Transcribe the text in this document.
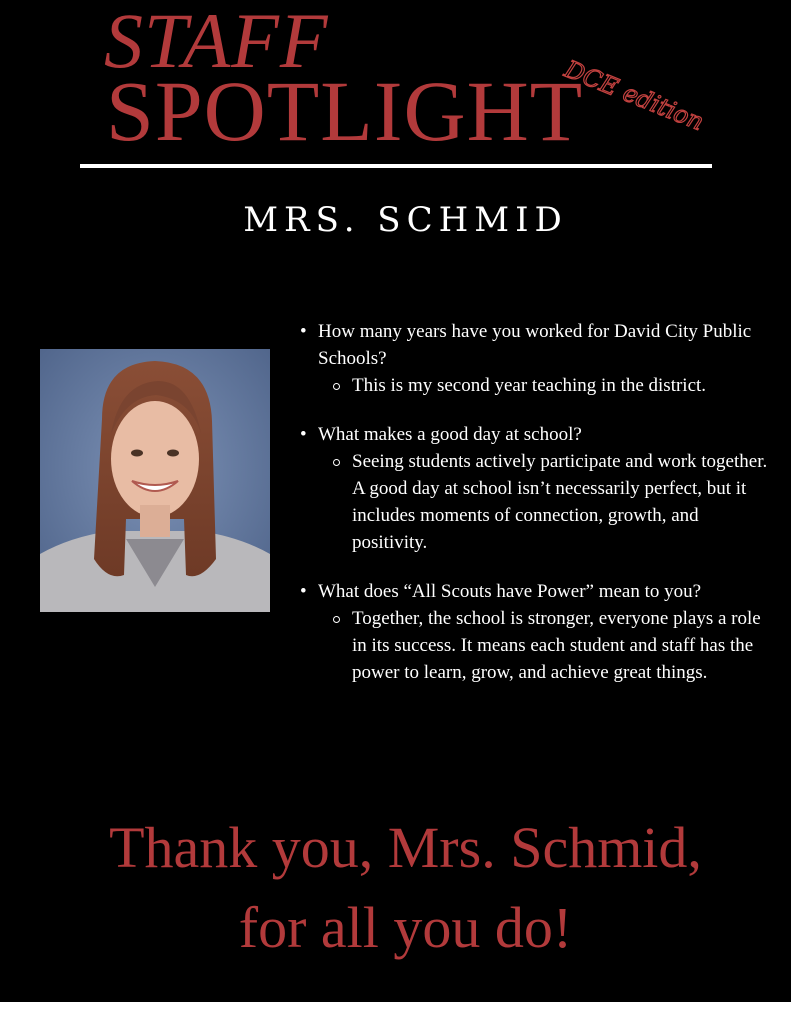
STAFF
SPOTLIGHT
DCE edition
MRS. SCHMID
• How many years have you worked for David City Public Schools?
This is my second year teaching in the district.
• What makes a good day at school?
Seeing students actively participate and work together. A good day at school isn’t necessarily perfect, but it includes moments of connection, growth, and positivity.
• What does “All Scouts have Power” mean to you?
Together, the school is stronger, everyone plays a role in its success. It means each student and staff has the power to learn, grow, and achieve great things.
Thank you, Mrs. Schmid,
for all you do!
